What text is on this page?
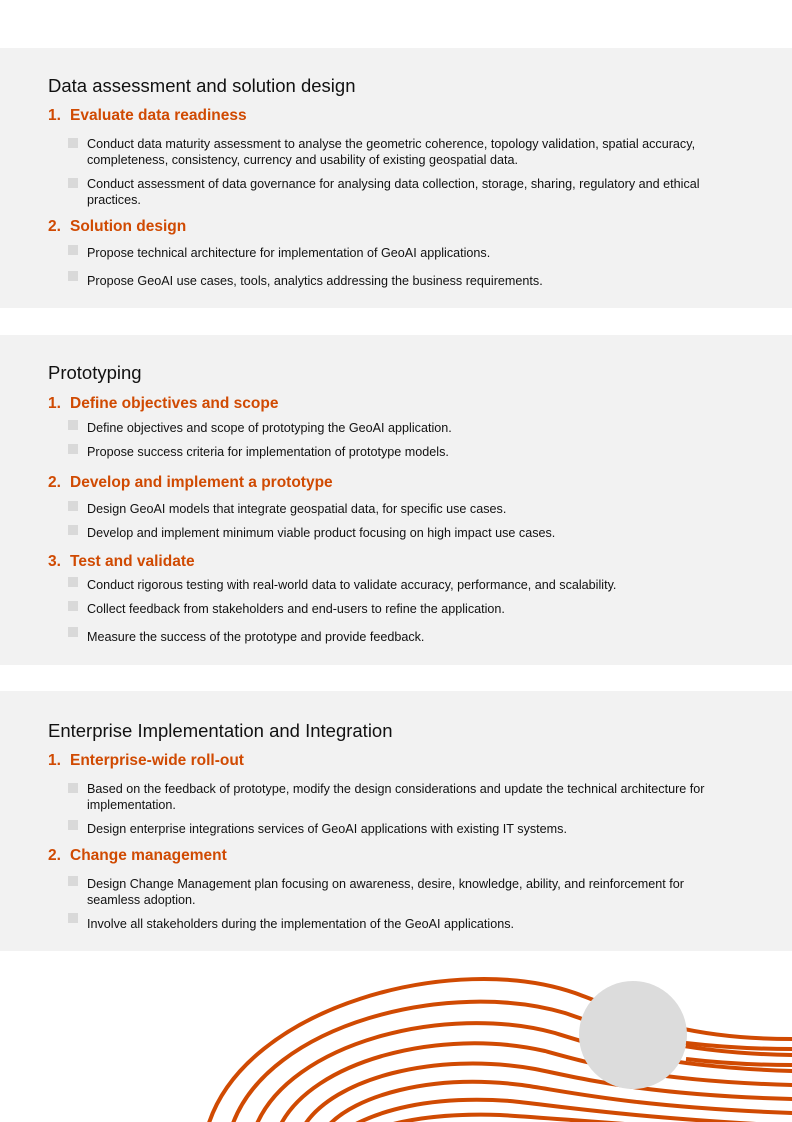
Data assessment and solution design
1. Evaluate data readiness
Conduct data maturity assessment to analyse the geometric coherence, topology validation, spatial accuracy, completeness, consistency, currency and usability of existing geospatial data.
Conduct assessment of data governance for analysing data collection, storage, sharing, regulatory and ethical practices.
2. Solution design
Propose technical architecture for implementation of GeoAI applications.
Propose GeoAI use cases, tools, analytics addressing the business requirements.
Prototyping
1. Define objectives and scope
Define objectives and scope of prototyping the GeoAI application.
Propose success criteria for implementation of prototype models.
2. Develop and implement a prototype
Design GeoAI models that integrate geospatial data, for specific use cases.
Develop and implement minimum viable product focusing on high impact use cases.
3. Test and validate
Conduct rigorous testing with real-world data to validate accuracy, performance, and scalability.
Collect feedback from stakeholders and end-users to refine the application.
Measure the success of the prototype and provide feedback.
Enterprise Implementation and Integration
1. Enterprise-wide roll-out
Based on the feedback of prototype, modify the design considerations and update the technical architecture for implementation.
Design enterprise integrations services of GeoAI applications with existing IT systems.
2. Change management
Design Change Management plan focusing on awareness, desire, knowledge, ability, and reinforcement for seamless adoption.
Involve all stakeholders during the implementation of the GeoAI applications.
